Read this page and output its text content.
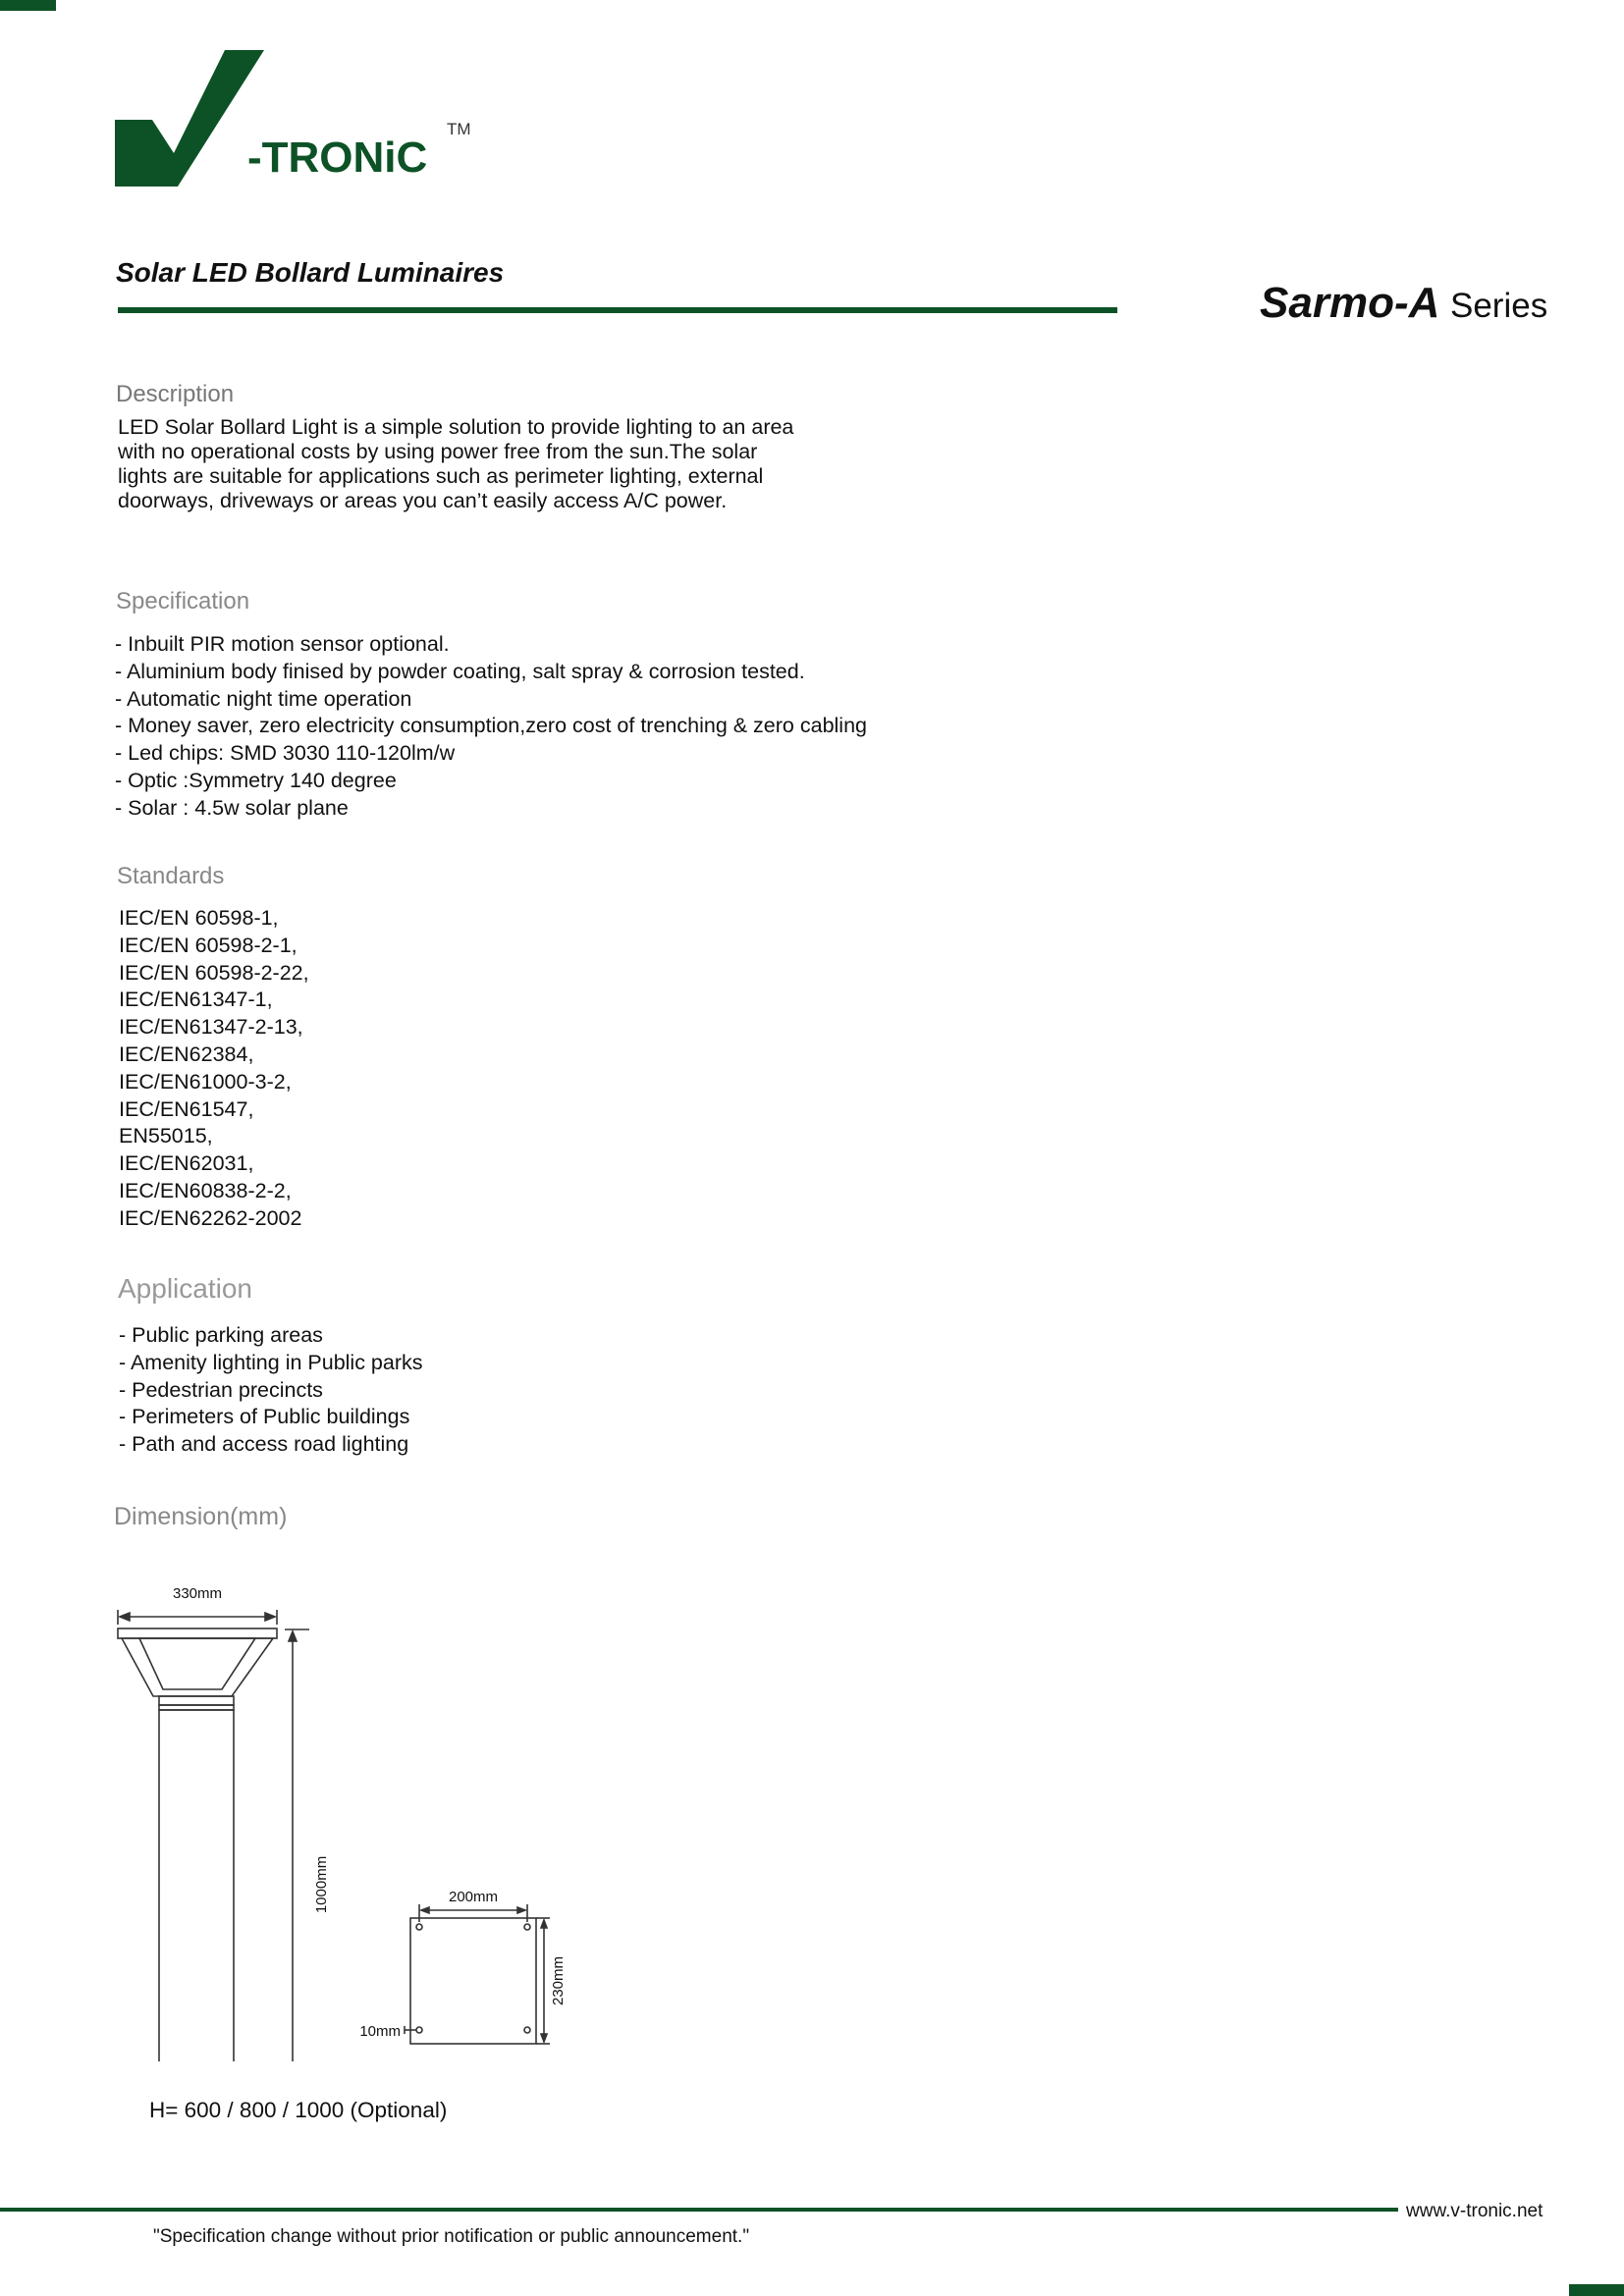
-TRONiC
TM
Solar LED Bollard Luminaires
Sarmo-A Series
Description
LED Solar Bollard Light is a simple solution to provide lighting to an area with no operational costs by using power free from the sun.The solar lights are suitable for applications such as perimeter lighting, external doorways, driveways or areas you can’t easily access A/C power.
Specification
- Inbuilt PIR motion sensor optional.
- Aluminium body finised by powder coating, salt spray & corrosion tested.
- Automatic night time operation
- Money saver, zero electricity consumption,zero cost of trenching & zero cabling
- Led chips: SMD 3030 110-120lm/w
- Optic :Symmetry 140 degree
- Solar : 4.5w solar plane
Standards
IEC/EN 60598-1,
IEC/EN 60598-2-1,
IEC/EN 60598-2-22,
IEC/EN61347-1,
IEC/EN61347-2-13,
IEC/EN62384,
IEC/EN61000-3-2,
IEC/EN61547,
EN55015,
IEC/EN62031,
IEC/EN60838-2-2,
IEC/EN62262-2002
Application
- Public parking areas
- Amenity lighting in Public parks
- Pedestrian precincts
- Perimeters of Public buildings
- Path and access road lighting
Dimension(mm)
330mm
1000mm	200mm
230mm
10mm
H= 600 / 800 / 1000 (Optional)
www.v-tronic.net
"Specification change without prior notification or public announcement."
